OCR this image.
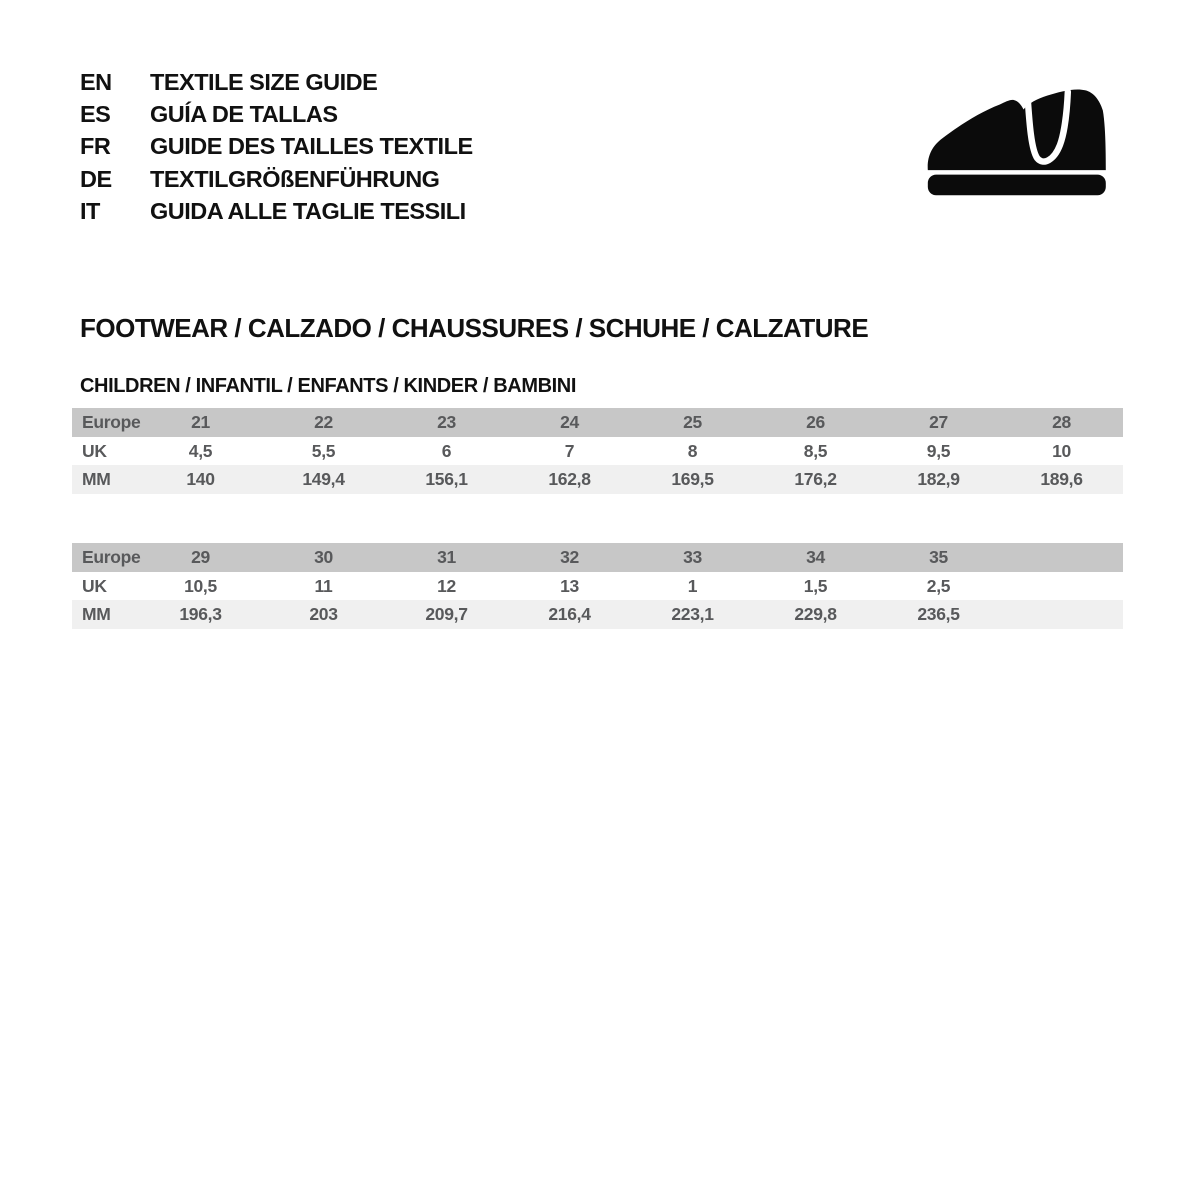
EN	TEXTILE SIZE GUIDE
ES	GUÍA DE TALLAS
FR	GUIDE DES TAILLES TEXTILE
DE	TEXTILGRÖßENFÜHRUNG
IT	GUIDA ALLE TAGLIE TESSILI
FOOTWEAR / CALZADO / CHAUSSURES / SCHUHE / CALZATURE
CHILDREN / INFANTIL / ENFANTS / KINDER / BAMBINI
Europe	21	22	23	24	25	26	27	28
UK	4,5	5,5	6	7	8	8,5	9,5	10
MM	140	149,4	156,1	162,8	169,5	176,2	182,9	189,6
Europe	29	30	31	32	33	34	35
UK	10,5	11	12	13	1	1,5	2,5
MM	196,3	203	209,7	216,4	223,1	229,8	236,5
